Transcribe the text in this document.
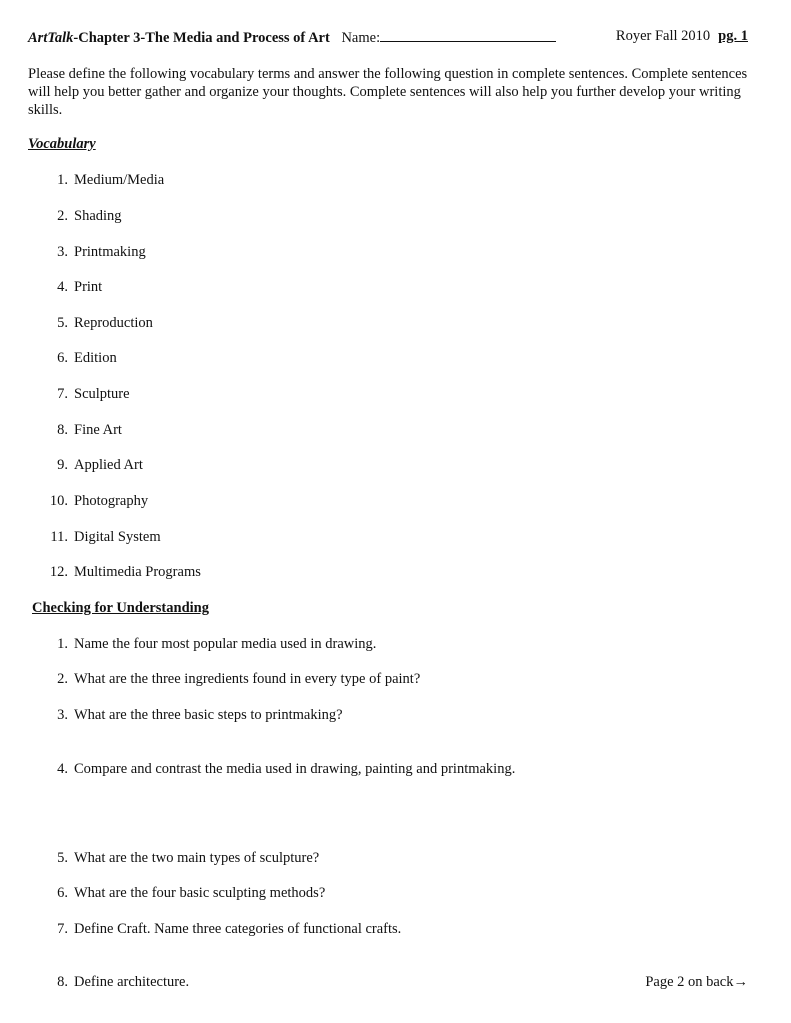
ArtTalk-Chapter 3-The Media and Process of Art Name:	Royer Fall 2010 pg. 1
Please define the following vocabulary terms and answer the following question in complete sentences. Complete sentences will help you better gather and organize your thoughts. Complete sentences will also help you further develop your writing skills.
Vocabulary
1. Medium/Media
2. Shading
3. Printmaking
4. Print
5. Reproduction
6. Edition
7. Sculpture
8. Fine Art
9. Applied Art
10. Photography
11. Digital System
12. Multimedia Programs
Checking for Understanding
1. Name the four most popular media used in drawing.
2. What are the three ingredients found in every type of paint?
3. What are the three basic steps to printmaking?
4. Compare and contrast the media used in drawing, painting and printmaking.
5. What are the two main types of sculpture?
6. What are the four basic sculpting methods?
7. Define Craft. Name three categories of functional crafts.
8. Define architecture.	Page 2 on back→
